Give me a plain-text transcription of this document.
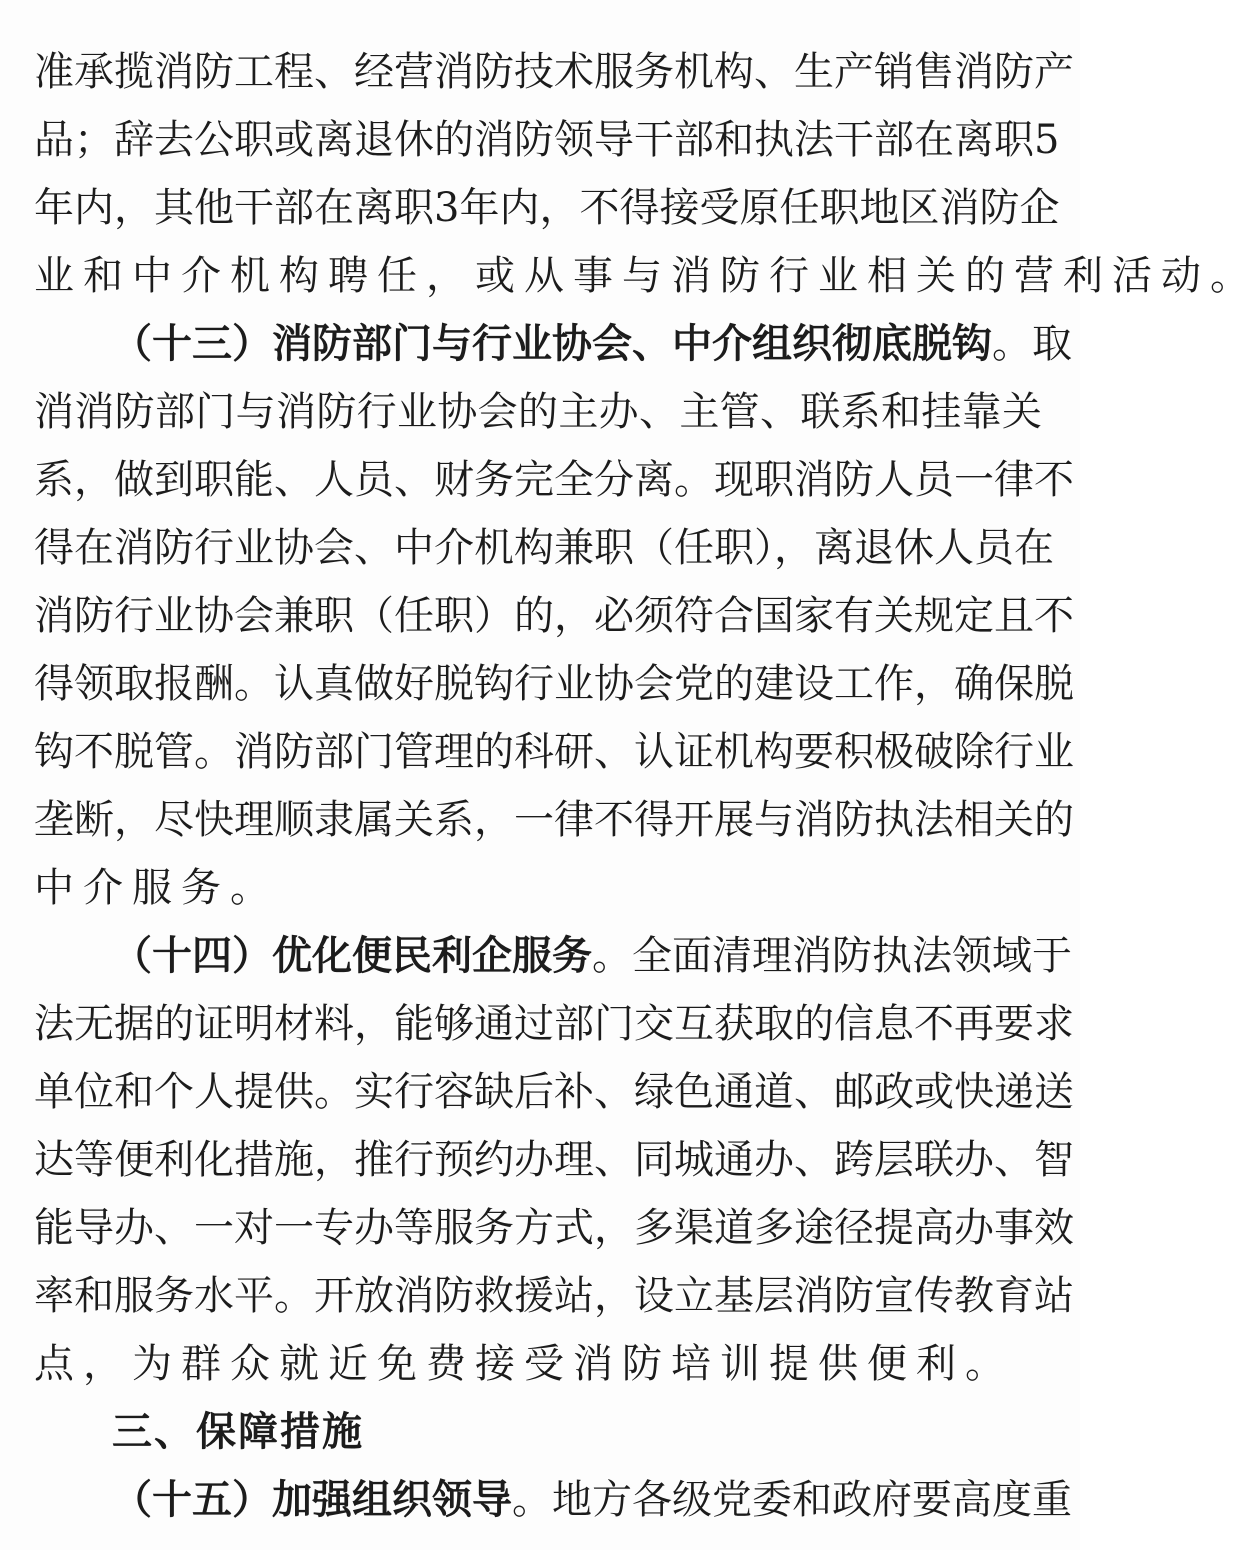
准承揽消防工程、经营消防技术服务机构、生产销售消防产
品；辞去公职或离退休的消防领导干部和执法干部在离职5
年内，其他干部在离职3年内，不得接受原任职地区消防企
业和中介机构聘任，或从事与消防行业相关的营利活动。
（十三）消防部门与行业协会、中介组织彻底脱钩。取
消消防部门与消防行业协会的主办、主管、联系和挂靠关
系，做到职能、人员、财务完全分离。现职消防人员一律不
得在消防行业协会、中介机构兼职（任职），离退休人员在
消防行业协会兼职（任职）的，必须符合国家有关规定且不
得领取报酬。认真做好脱钩行业协会党的建设工作，确保脱
钩不脱管。消防部门管理的科研、认证机构要积极破除行业
垄断，尽快理顺隶属关系，一律不得开展与消防执法相关的
中介服务。
（十四）优化便民利企服务。全面清理消防执法领域于
法无据的证明材料，能够通过部门交互获取的信息不再要求
单位和个人提供。实行容缺后补、绿色通道、邮政或快递送
达等便利化措施，推行预约办理、同城通办、跨层联办、智
能导办、一对一专办等服务方式，多渠道多途径提高办事效
率和服务水平。开放消防救援站，设立基层消防宣传教育站
点，为群众就近免费接受消防培训提供便利。
三、保障措施
（十五）加强组织领导。地方各级党委和政府要高度重
